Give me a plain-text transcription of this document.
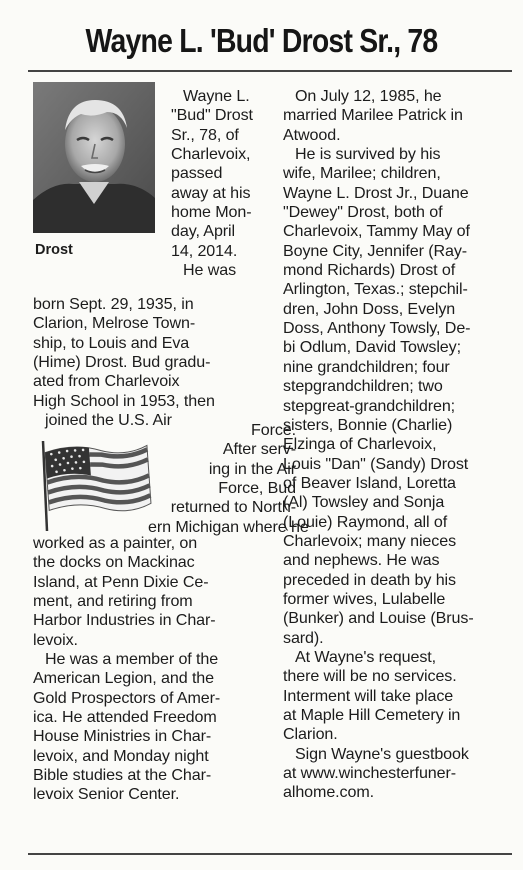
Wayne L. 'Bud' Drost Sr., 78
Drost
Wayne L.
"Bud" Drost
Sr., 78, of
Charlevoix,
passed
away at his
home Mon-
day, April
14, 2014.
He was
born Sept. 29, 1935, in
Clarion, Melrose Town-
ship, to Louis and Eva
(Hime) Drost. Bud gradu-
ated from Charlevoix
High School in 1953, then
joined the U.S. Air
Force.
After serv-
ing in the Air
Force, Bud
returned to North-
ern Michigan where he
worked as a painter, on
the docks on Mackinac
Island, at Penn Dixie Ce-
ment, and retiring from
Harbor Industries in Char-
levoix.
He was a member of the
American Legion, and the
Gold Prospectors of Amer-
ica. He attended Freedom
House Ministries in Char-
levoix, and Monday night
Bible studies at the Char-
levoix Senior Center.
On July 12, 1985, he
married Marilee Patrick in
Atwood.
He is survived by his
wife, Marilee; children,
Wayne L. Drost Jr., Duane
"Dewey" Drost, both of
Charlevoix, Tammy May of
Boyne City, Jennifer (Ray-
mond Richards) Drost of
Arlington, Texas.; stepchil-
dren, John Doss, Evelyn
Doss, Anthony Towsly, De-
bi Odlum, David Towsley;
nine grandchildren; four
stepgrandchildren; two
stepgreat-grandchildren;
sisters, Bonnie (Charlie)
Elzinga of Charlevoix,
Louis "Dan" (Sandy) Drost
of Beaver Island, Loretta
(Al) Towsley and Sonja
(Louie) Raymond, all of
Charlevoix; many nieces
and nephews. He was
preceded in death by his
former wives, Lulabelle
(Bunker) and Louise (Brus-
sard).
At Wayne's request,
there will be no services.
Interment will take place
at Maple Hill Cemetery in
Clarion.
Sign Wayne's guestbook
at www.winchesterfuner-
alhome.com.
